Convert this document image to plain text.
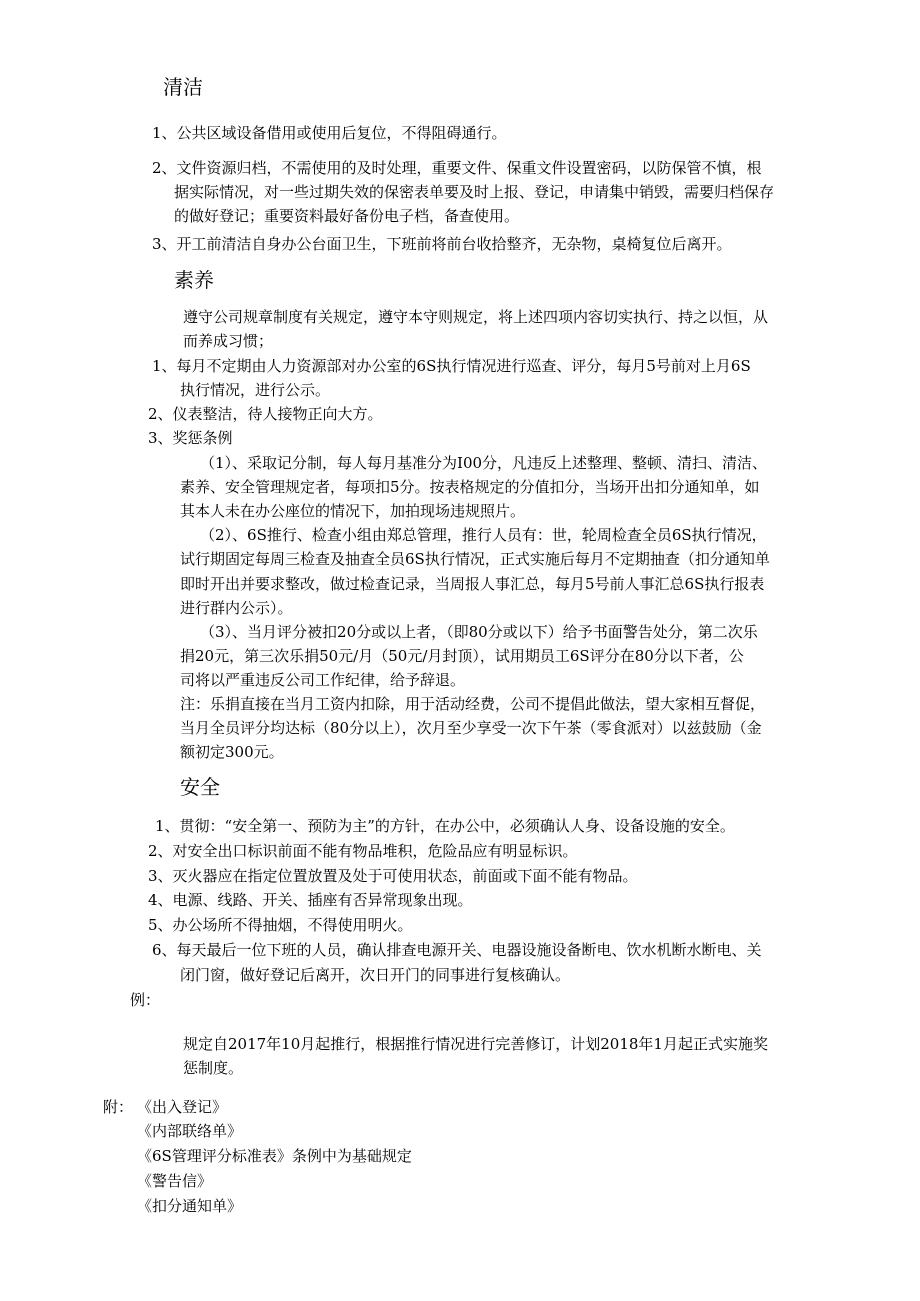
清洁
1、公共区域设备借用或使用后复位，不得阻碍通行。
2、文件资源归档，不需使用的及时处理，重要文件、保重文件设置密码，以防保管不慎，根
据实际情况，对一些过期失效的保密表单要及时上报、登记，申请集中销毁，需要归档保存
的做好登记；重要资料最好备份电子档，备查使用。
3、开工前清洁自身办公台面卫生，下班前将前台收拾整齐，无杂物，桌椅复位后离开。
素养
遵守公司规章制度有关规定，遵守本守则规定，将上述四项内容切实执行、持之以恒，从
而养成习惯；
1、每月不定期由人力资源部对办公室的6S执行情况进行巡查、评分，每月5号前对上月6S
执行情况，进行公示。
2、仪表整洁，待人接物正向大方。
3、奖惩条例
（1）、采取记分制，每人每月基准分为I00分，凡违反上述整理、整顿、清扫、清洁、
素养、安全管理规定者，每项扣5分。按表格规定的分值扣分，当场开出扣分通知单，如
其本人未在办公座位的情况下，加拍现场违规照片。
（2）、6S推行、检查小组由郑总管理，推行人员有：世，轮周检查全员6S执行情况，
试行期固定每周三检查及抽查全员6S执行情况，正式实施后每月不定期抽查（扣分通知单
即时开出并要求整改，做过检查记录，当周报人事汇总，每月5号前人事汇总6S执行报表
进行群内公示）。
（3）、当月评分被扣20分或以上者，（即80分或以下）给予书面警告处分，第二次乐
捐20元，第三次乐捐50元/月（50元/月封顶），试用期员工6S评分在80分以下者，公
司将以严重违反公司工作纪律，给予辞退。
注：乐捐直接在当月工资内扣除，用于活动经费，公司不提倡此做法，望大家相互督促，
当月全员评分均达标（80分以上），次月至少享受一次下午茶（零食派对）以兹鼓励（金
额初定300元。
安全
1、贯彻：“安全第一、预防为主”的方针，在办公中，必须确认人身、设备设施的安全。
2、对安全出口标识前面不能有物品堆积，危险品应有明显标识。
3、灭火器应在指定位置放置及处于可使用状态，前面或下面不能有物品。
4、电源、线路、开关、插座有否异常现象出现。
5、办公场所不得抽烟，不得使用明火。
6、每天最后一位下班的人员，确认排查电源开关、电器设施设备断电、饮水机断水断电、关
闭门窗，做好登记后离开，次日开门的同事进行复核确认。
例：
规定自2017年10月起推行，根据推行情况进行完善修订，计划2018年1月起正式实施奖
惩制度。
附： 《出入登记》
《内部联络单》
《6S管理评分标准表》条例中为基础规定
《警告信》
《扣分通知单》
